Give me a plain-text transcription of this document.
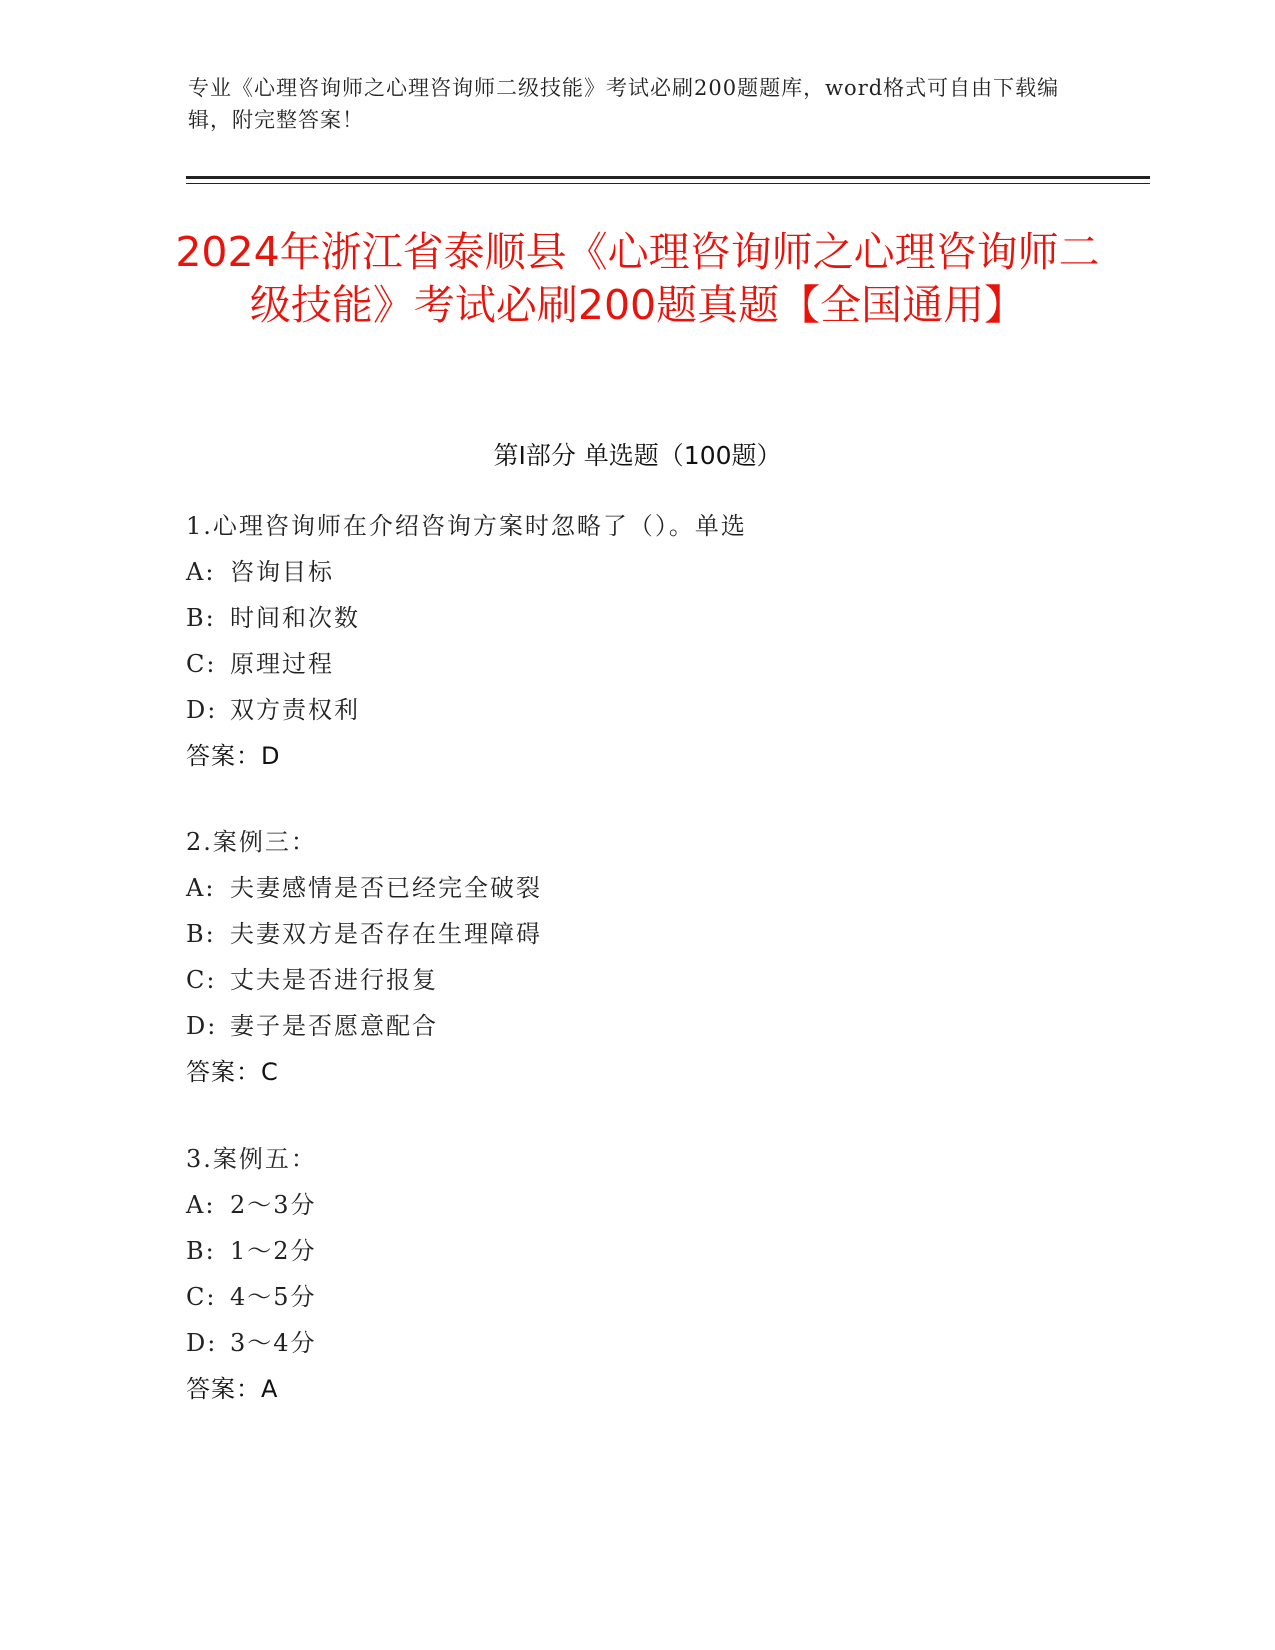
专业《心理咨询师之心理咨询师二级技能》考试必刷200题题库，word格式可自由下载编辑，附完整答案！
2024年浙江省泰顺县《心理咨询师之心理咨询师二级技能》考试必刷200题真题【全国通用】
第Ⅰ部分 单选题（100题）
1.心理咨询师在介绍咨询方案时忽略了（）。单选
A: 咨询目标
B: 时间和次数
C: 原理过程
D: 双方责权利
答案：D
2.案例三：
A: 夫妻感情是否已经完全破裂
B: 夫妻双方是否存在生理障碍
C: 丈夫是否进行报复
D: 妻子是否愿意配合
答案：C
3.案例五：
A: 2～3分
B: 1～2分
C: 4～5分
D: 3～4分
答案：A
